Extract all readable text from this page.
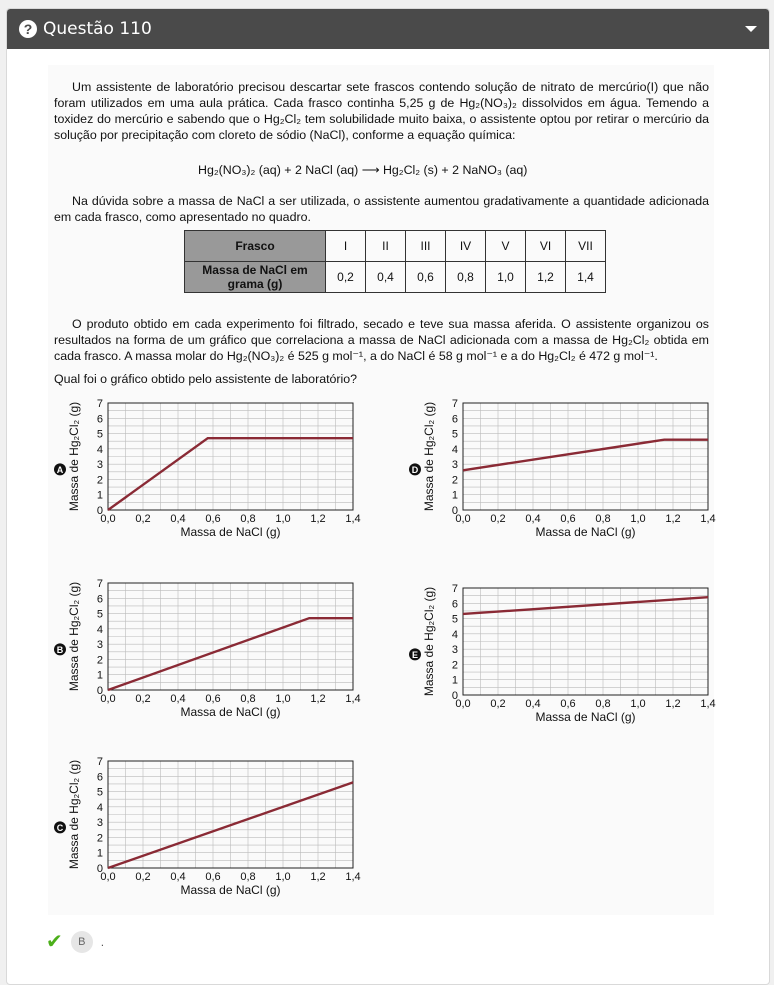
? Questão 110

Um assistente de laboratório precisou descartar sete frascos contendo solução de nitrato de mercúrio(I) que não foram utilizados em uma aula prática. Cada frasco continha 5,25 g de Hg₂(NO₃)₂ dissolvidos em água. Temendo a toxidez do mercúrio e sabendo que o Hg₂Cl₂ tem solubilidade muito baixa, o assistente optou por retirar o mercúrio da solução por precipitação com cloreto de sódio (NaCl), conforme a equação química:

Hg₂(NO₃)₂ (aq) + 2 NaCl (aq) ⟶ Hg₂Cl₂ (s) + 2 NaNO₃ (aq)

Na dúvida sobre a massa de NaCl a ser utilizada, o assistente aumentou gradativamente a quantidade adicionada em cada frasco, como apresentado no quadro.

Frasco	I	II	III	IV	V	VI	VII
Massa de NaCl em grama (g)	0,2	0,4	0,6	0,8	1,0	1,2	1,4

O produto obtido em cada experimento foi filtrado, secado e teve sua massa aferida. O assistente organizou os resultados na forma de um gráfico que correlaciona a massa de NaCl adicionada com a massa de Hg₂Cl₂ obtida em cada frasco. A massa molar do Hg₂(NO₃)₂ é 525 g mol⁻¹, a do NaCl é 58 g mol⁻¹ e a do Hg₂Cl₂ é 472 g mol⁻¹.

Qual foi o gráfico obtido pelo assistente de laboratório?
0
1
2
3
4
5
6
7
0,0 0,2 0,4 0,6 0,8 1,0 1,2 1,4
Massa de NaCl (g)
Massa de Hg₂Cl₂ (g)
A
0
1
2
3
4
5
6
7
0,0 0,2 0,4 0,6 0,8 1,0 1,2 1,4
Massa de NaCl (g)
Massa de Hg₂Cl₂ (g)
B
0
1
2
3
4
5
6
7
0,0 0,2 0,4 0,6 0,8 1,0 1,2 1,4
Massa de NaCl (g)
Massa de Hg₂Cl₂ (g)
C
0
1
2
3
4
5
6
7
0,0 0,2 0,4 0,6 0,8 1,0 1,2 1,4
Massa de NaCl (g)
Massa de Hg₂Cl₂ (g)
D
0
1
2
3
4
5
6
7
0,0 0,2 0,4 0,6 0,8 1,0 1,2 1,4
Massa de NaCl (g)
Massa de Hg₂Cl₂ (g)
E
✔	B	.
